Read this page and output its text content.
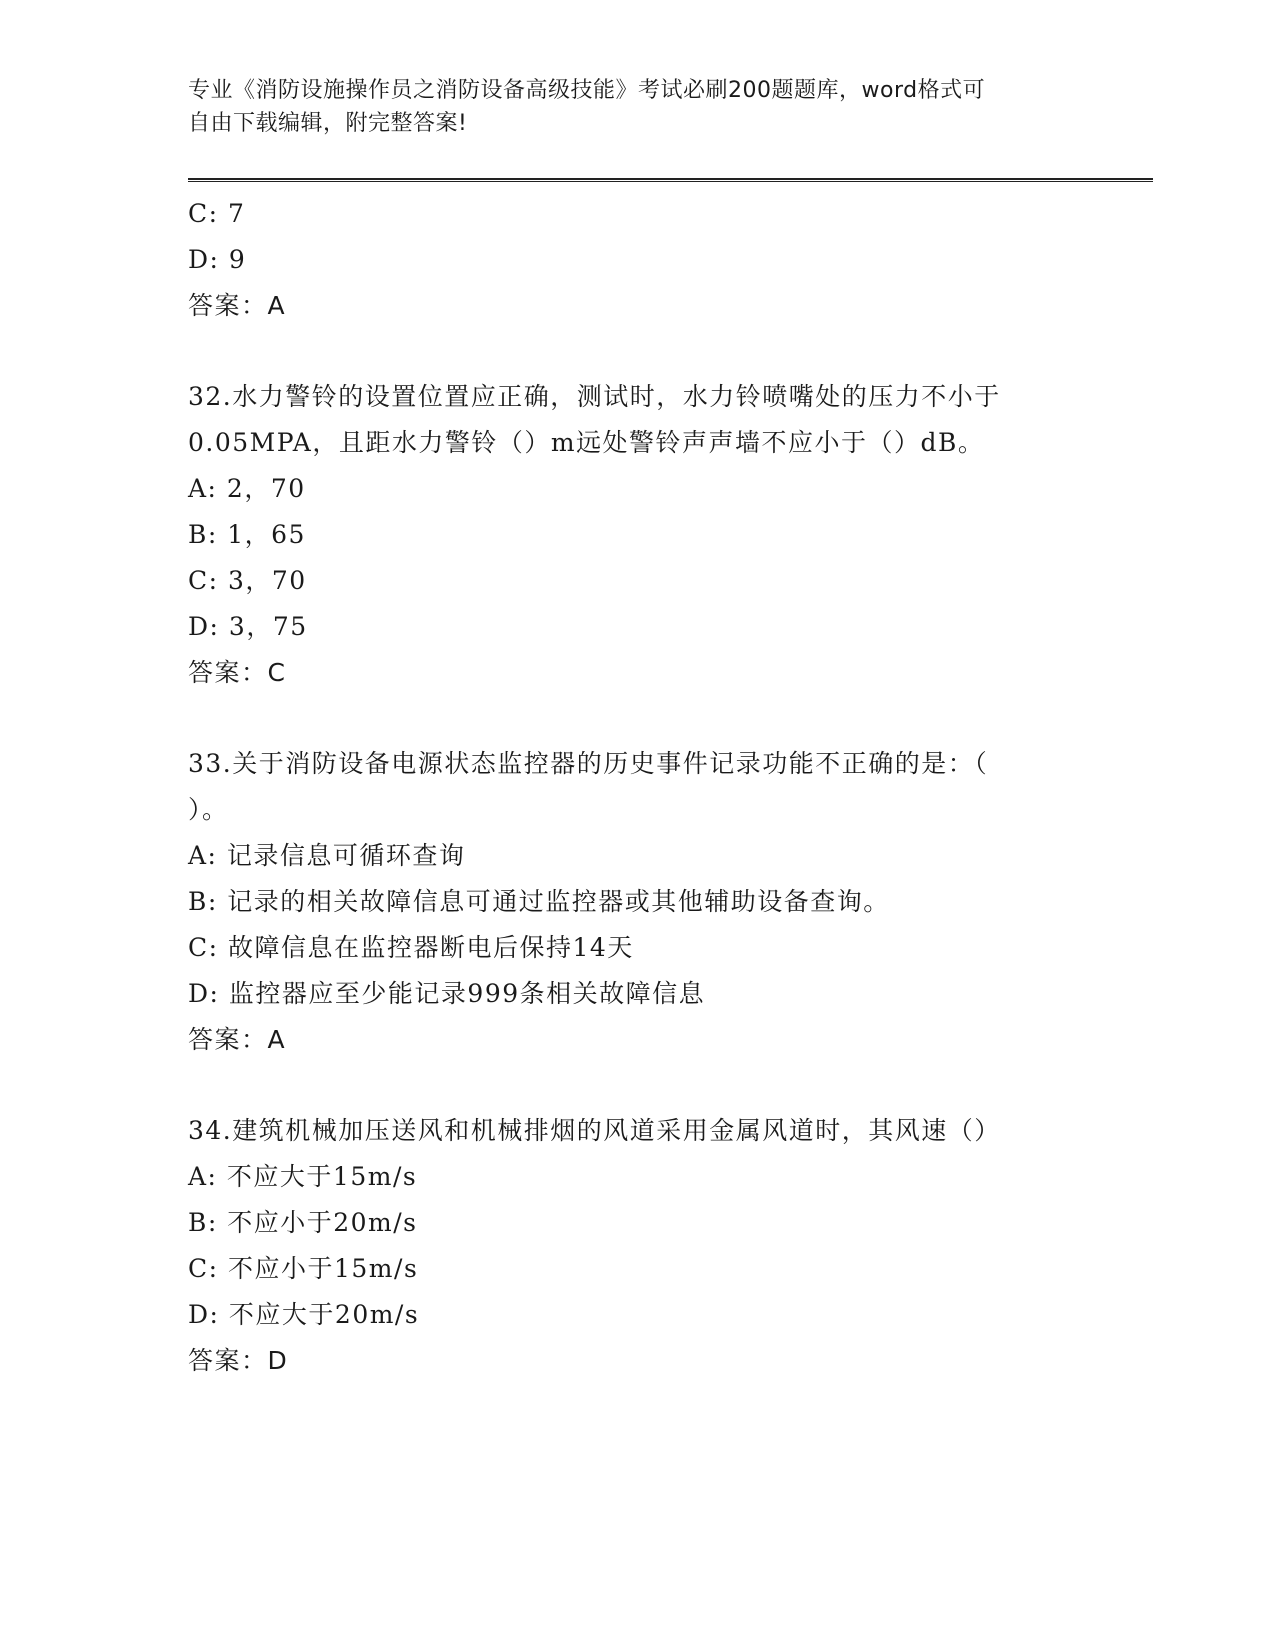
专业《消防设施操作员之消防设备高级技能》考试必刷200题题库，word格式可
自由下载编辑，附完整答案!
C: 7
D: 9
答案：A
32.水力警铃的设置位置应正确，测试时，水力铃喷嘴处的压力不小于
0.05MPA，且距水力警铃（）m远处警铃声声墙不应小于（）dB。
A: 2，70
B: 1，65
C: 3，70
D: 3，75
答案：C
33.关于消防设备电源状态监控器的历史事件记录功能不正确的是：（
）。
A: 记录信息可循环查询
B: 记录的相关故障信息可通过监控器或其他辅助设备查询。
C: 故障信息在监控器断电后保持14天
D: 监控器应至少能记录999条相关故障信息
答案：A
34.建筑机械加压送风和机械排烟的风道采用金属风道时，其风速（）
A: 不应大于15m/s
B: 不应小于20m/s
C: 不应小于15m/s
D: 不应大于20m/s
答案：D
